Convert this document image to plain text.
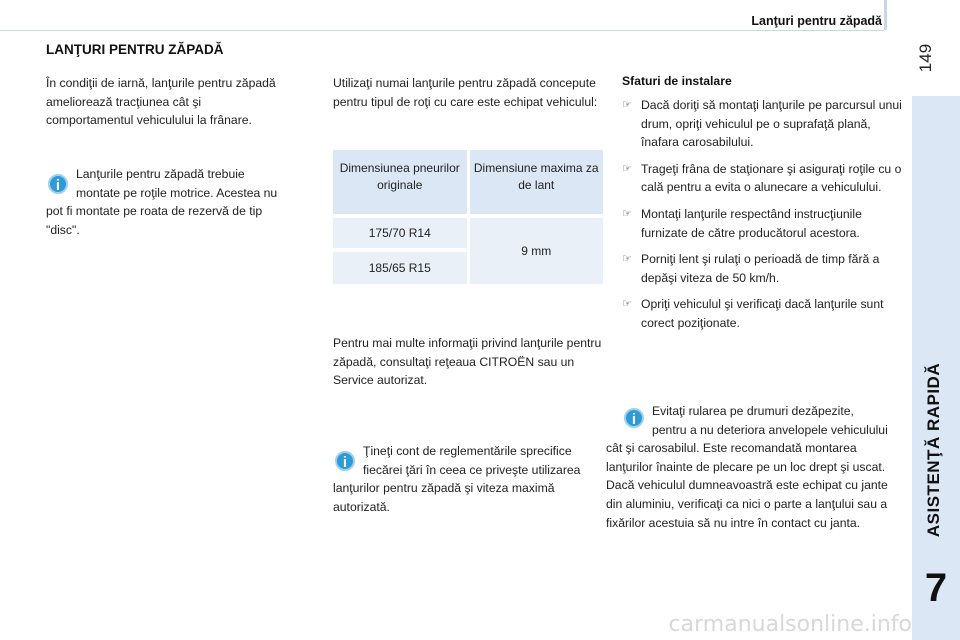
Lanţuri pentru zăpadă
149
ASISTENŢĂ RAPIDĂ
7
LANŢURI PENTRU ZĂPADĂ

În condiţii de iarnă, lanţurile pentru zăpadă ameliorează tracţiunea cât şi comportamentul vehiculului la frânare.

i
Lanţurile pentru zăpadă trebuie
montate pe roţile motrice. Acestea nu pot fi montate pe roata de rezervă de tip "disc".

Utilizaţi numai lanţurile pentru zăpadă concepute pentru tipul de roţi cu care este echipat vehiculul:

Dimensiunea pneurilor originale	Dimensiune maxima za de lant
175/70 R14	9 mm
185/65 R15	

Pentru mai multe informaţii privind lanţurile pentru zăpadă, consultaţi reţeaua CITROËN sau un Service autorizat.

i
Ţineţi cont de reglementările sprecifice
fiecărei ţări în ceea ce priveşte utilizarea lanţurilor pentru zăpadă şi viteza maximă autorizată.
Sfaturi de instalare
☞ Dacă doriţi să montaţi lanţurile pe parcursul unui drum, opriţi vehiculul pe o suprafaţă plană, înafara carosabilului.
☞ Trageţi frâna de staţionare şi asiguraţi roţile cu o cală pentru a evita o alunecare a vehiculului.
☞ Montaţi lanţurile respectând instrucţiunile furnizate de către producătorul acestora.
☞ Porniţi lent şi rulaţi o perioadă de timp fără a depăşi viteza de 50 km/h.
☞ Opriţi vehiculul şi verificaţi dacă lanţurile sunt corect poziţionate.
i	Evitaţi rularea pe drumuri dezăpezite,
pentru a nu deteriora anvelopele vehiculului cât şi carosabilul. Este recomandată montarea lanţurilor înainte de plecare pe un loc drept şi uscat. Dacă vehiculul dumneavoastră este echipat cu jante din aluminiu, verificaţi ca nici o parte a lanţului sau a fixărilor acestuia să nu intre în contact cu janta.
carmanualsonline.info
